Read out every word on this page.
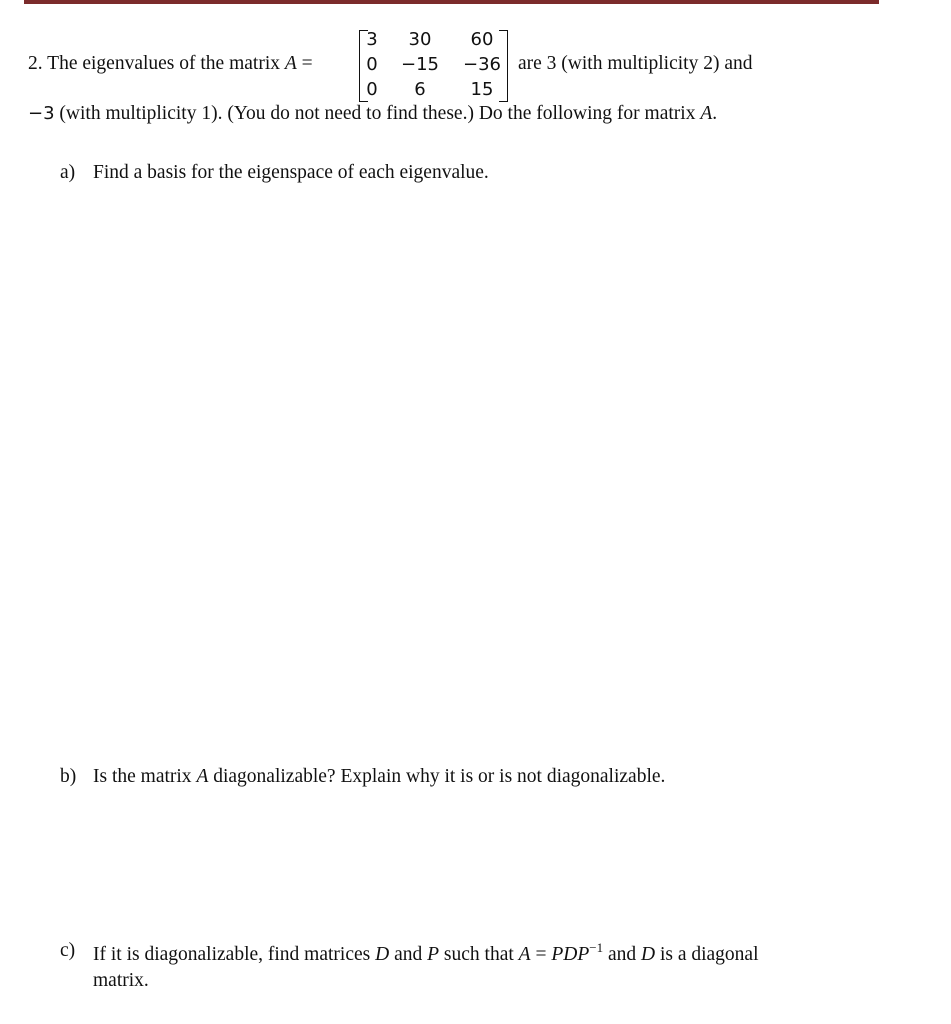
2. The eigenvalues of the matrix A =
3	30	60
0	−15 −36
0	6	15
are 3 (with multiplicity 2) and
−3 (with multiplicity 1). (You do not need to find these.) Do the following for matrix A.
a) Find a basis for the eigenspace of each eigenvalue.
b) Is the matrix A diagonalizable? Explain why it is or is not diagonalizable.
c) If it is diagonalizable, find matrices D and P such that $A = PDP^{-1}$ and D is a diagonal
matrix.
